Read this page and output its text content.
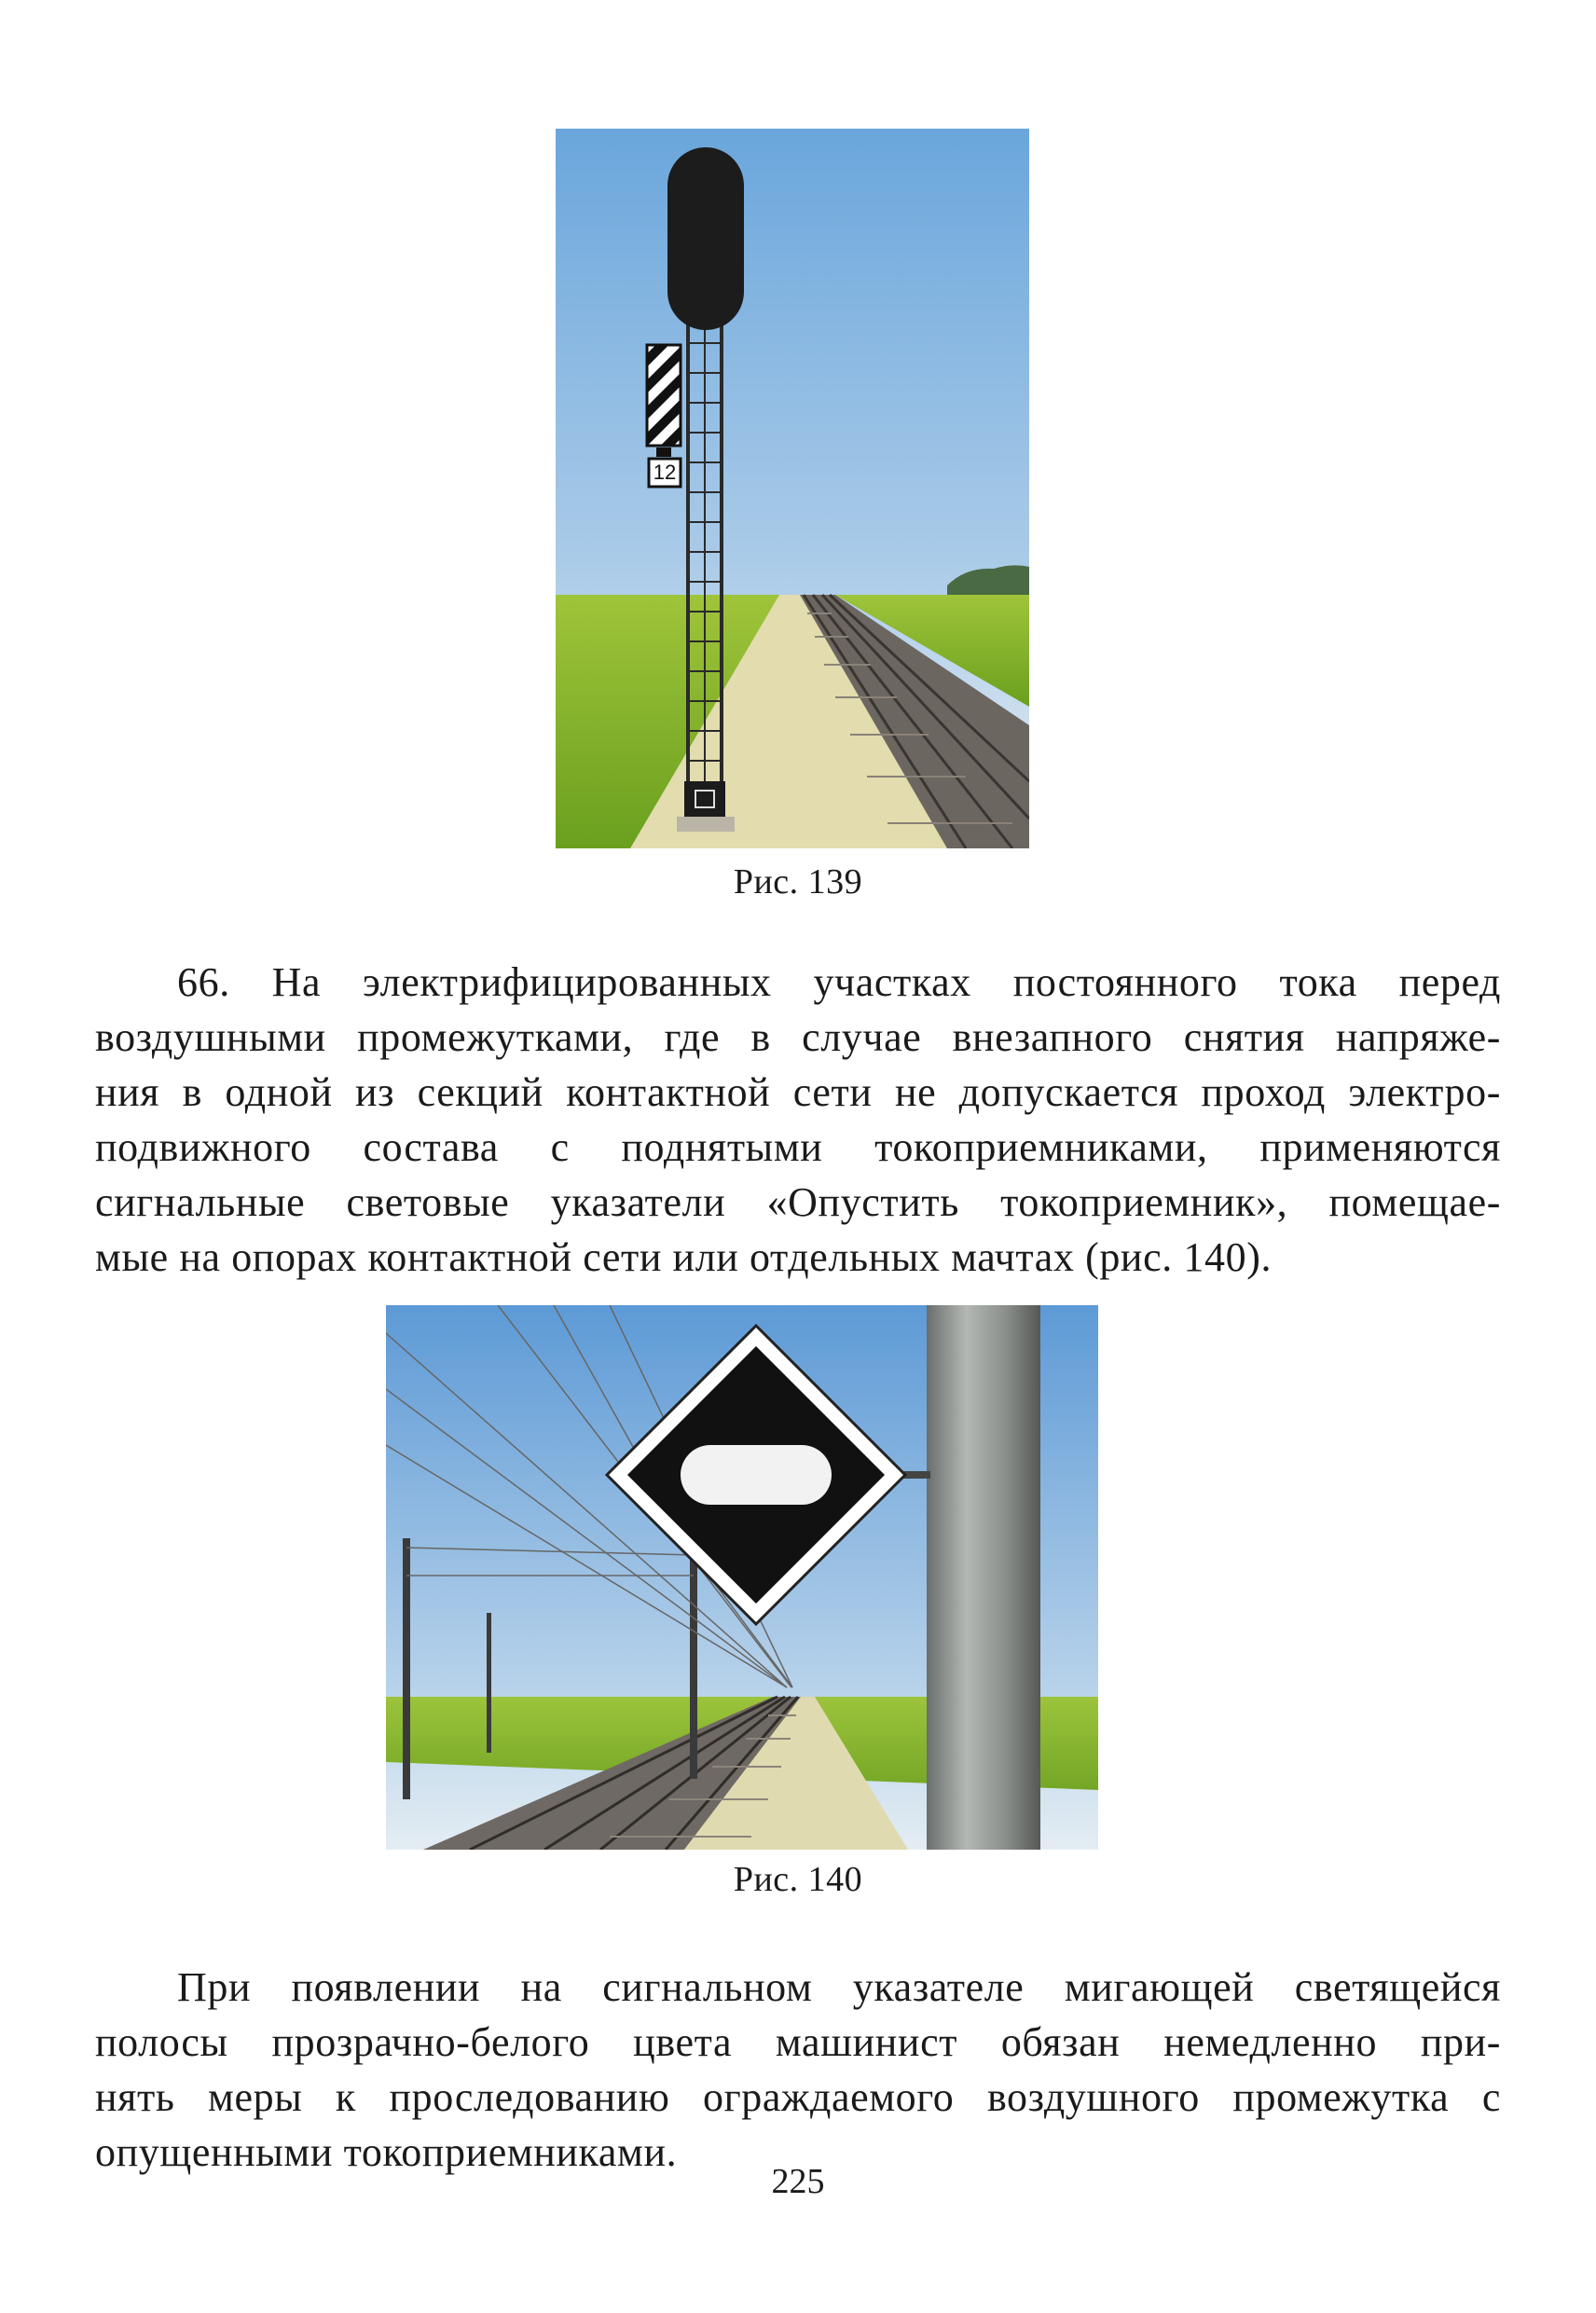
12
Рис. 139
66. На электрифицированных участках постоянного тока перед
воздушными промежутками, где в случае внезапного снятия напряже-
ния в одной из секций контактной сети не допускается проход электро-
подвижного состава с поднятыми токоприемниками, применяются
сигнальные световые указатели «Опустить токоприемник», помещае-
мые на опорах контактной сети или отдельных мачтах (рис. 140).
Рис. 140
При появлении на сигнальном указателе мигающей светящейся
полосы прозрачно-белого цвета машинист обязан немедленно при-
нять меры к проследованию ограждаемого воздушного промежутка с
опущенными токоприемниками.
225
